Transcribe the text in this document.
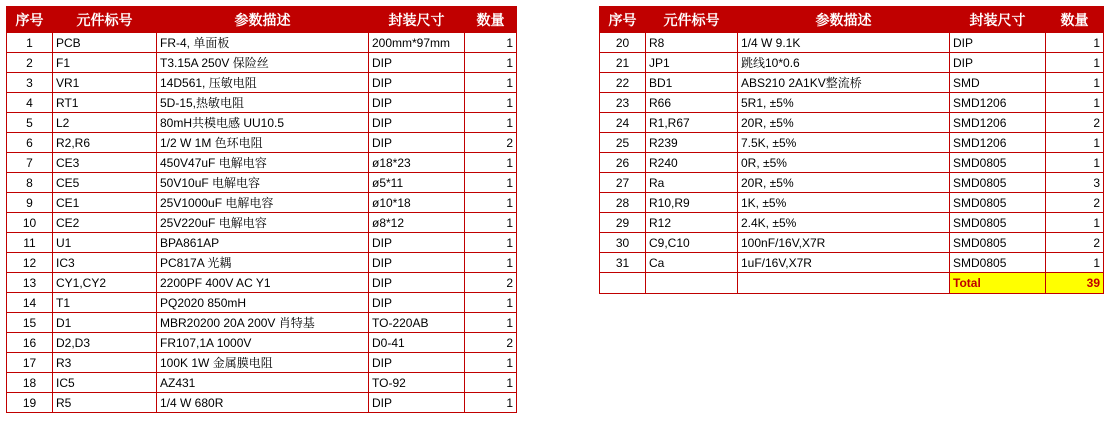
序号	元件标号	参数描述	封装尺寸	数量
1	PCB	FR-4, 单面板	200mm*97mm	1
2	F1	T3.15A 250V 保险丝	DIP	1
3	VR1	14D561, 压敏电阻	DIP	1
4	RT1	5D-15,热敏电阻	DIP	1
5	L2	80mH共模电感 UU10.5	DIP	1
6	R2,R6	1/2 W 1M 色环电阻	DIP	2
7	CE3	450V47uF 电解电容	ø18*23	1
8	CE5	50V10uF 电解电容	ø5*11	1
9	CE1	25V1000uF 电解电容	ø10*18	1
10	CE2	25V220uF 电解电容	ø8*12	1
11	U1	BPA861AP	DIP	1
12	IC3	PC817A 光耦	DIP	1
13	CY1,CY2	2200PF 400V AC Y1	DIP	2
14	T1	PQ2020 850mH	DIP	1
15	D1	MBR20200 20A 200V 肖特基	TO-220AB	1
16	D2,D3	FR107,1A 1000V	D0-41	2
17	R3	100K 1W 金属膜电阻	DIP	1
18	IC5	AZ431	TO-92	1
19	R5	1/4 W 680R	DIP	1
序号	元件标号	参数描述	封装尺寸	数量
20	R8	1/4 W 9.1K	DIP	1
21	JP1	跳线10*0.6	DIP	1
22	BD1	ABS210 2A1KV整流桥	SMD	1
23	R66	5R1, ±5%	SMD1206	1
24	R1,R67	20R, ±5%	SMD1206	2
25	R239	7.5K, ±5%	SMD1206	1
26	R240	0R, ±5%	SMD0805	1
27	Ra	20R, ±5%	SMD0805	3
28	R10,R9	1K, ±5%	SMD0805	2
29	R12	2.4K, ±5%	SMD0805	1
30	C9,C10	100nF/16V,X7R	SMD0805	2
31	Ca	1uF/16V,X7R	SMD0805	1
			Total	39
